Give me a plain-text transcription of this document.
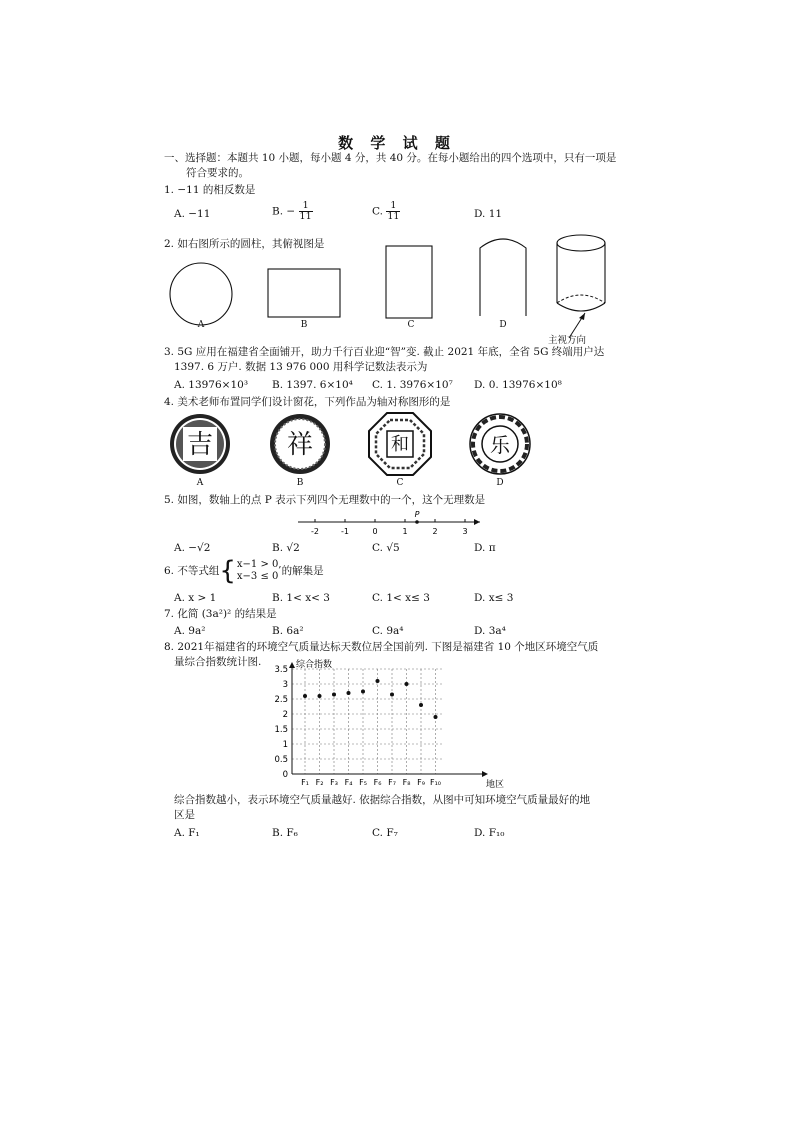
数 学 试 题
一、选择题：本题共 10 小题，每小题 4 分，共 40 分。在每小题给出的四个选项中，只有一项是
符合要求的。
1. −11 的相反数是
A. −11	B. − $\frac{1}{11}$	C. $\frac{1}{11}$	D. 11
2. 如右图所示的圆柱，其俯视图是
A	B	C	D
主视方向
3. 5G 应用在福建省全面铺开，助力千行百业迎“智”变. 截止 2021 年底，全省 5G 终端用户达
1397. 6 万户. 数据 13 976 000 用科学记数法表示为
A. 13976×10³ B. 1397. 6×10⁴ C. 1. 3976×10⁷ D. 0. 13976×10⁸
4. 美术老师布置同学们设计窗花，下列作品为轴对称图形的是
吉	祥	和	乐
A	B	C	D
5. 如图，数轴上的点 P 表示下列四个无理数中的一个，这个无理数是
-2	-1	0	1	2	3
P
A. −√2	B. √2	C. √5	D. π
6. 不等式组{ x−1 > 0,
x−3 ≤ 0 的解集是
A. x > 1	B. 1< x< 3	C. 1< x≤ 3	D. x≤ 3
7. 化简 (3a²)² 的结果是
A. 9a²	B. 6a²	C. 9a⁴	D. 3a⁴
8. 2021年福建省的环境空气质量达标天数位居全国前列. 下图是福建省 10 个地区环境空气质
量综合指数统计图.
0
0.5
1
1.5
2
2.5
3
3.5
F₁ F₂ F₃ F₄ F₅ F₆ F₇ F₈ F₉ F₁₀
综合指数
地区
综合指数越小，表示环境空气质量越好. 依据综合指数，从图中可知环境空气质量最好的地
区是
A. F₁	B. F₆	C. F₇	D. F₁₀
